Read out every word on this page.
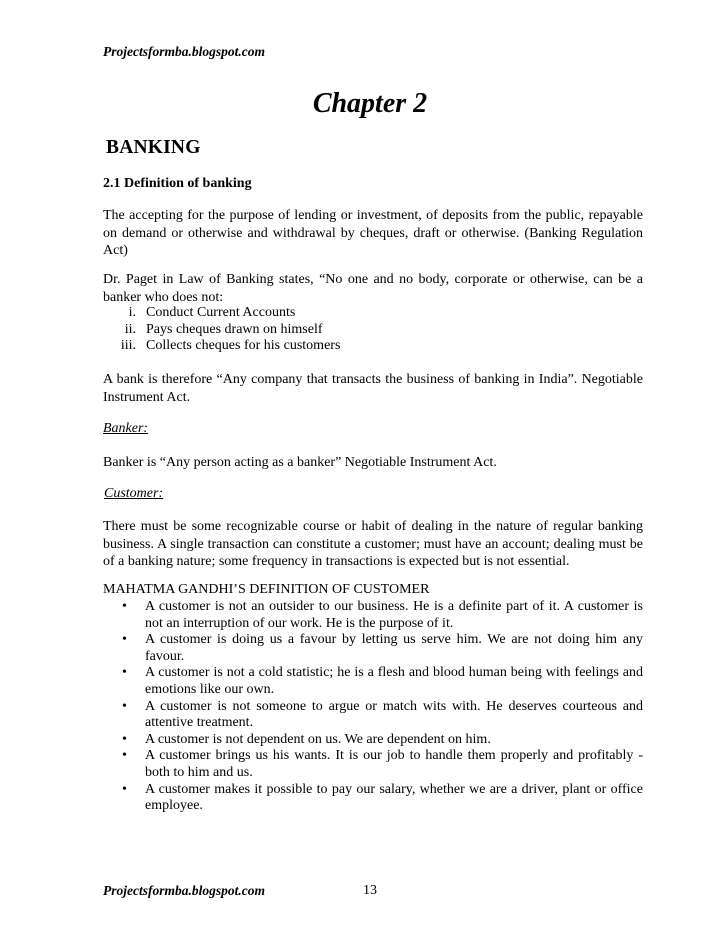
Projectsformba.blogspot.com
Chapter 2
BANKING
2.1 Definition of banking
The accepting for the purpose of lending or investment, of deposits from the public, repayable on demand or otherwise and withdrawal by cheques, draft or otherwise. (Banking Regulation Act)
Dr. Paget in Law of Banking states, “No one and no body, corporate or otherwise, can be a banker who does not:
i. Conduct Current Accounts
ii. Pays cheques drawn on himself
iii. Collects cheques for his customers
A bank is therefore “Any company that transacts the business of banking in India”. Negotiable Instrument Act.
Banker:
Banker is “Any person acting as a banker” Negotiable Instrument Act.
Customer:
There must be some recognizable course or habit of dealing in the nature of regular banking business. A single transaction can constitute a customer; must have an account; dealing must be of a banking nature; some frequency in transactions is expected but is not essential.
MAHATMA GANDHI’S DEFINITION OF CUSTOMER
• A customer is not an outsider to our business. He is a definite part of it. A customer is not an interruption of our work. He is the purpose of it.
• A customer is doing us a favour by letting us serve him. We are not doing him any favour.
• A customer is not a cold statistic; he is a flesh and blood human being with feelings and emotions like our own.
• A customer is not someone to argue or match wits with. He deserves courteous and attentive treatment.
• A customer is not dependent on us. We are dependent on him.
• A customer brings us his wants. It is our job to handle them properly and profitably - both to him and us.
• A customer makes it possible to pay our salary, whether we are a driver, plant or office employee.
Projectsformba.blogspot.com	13
